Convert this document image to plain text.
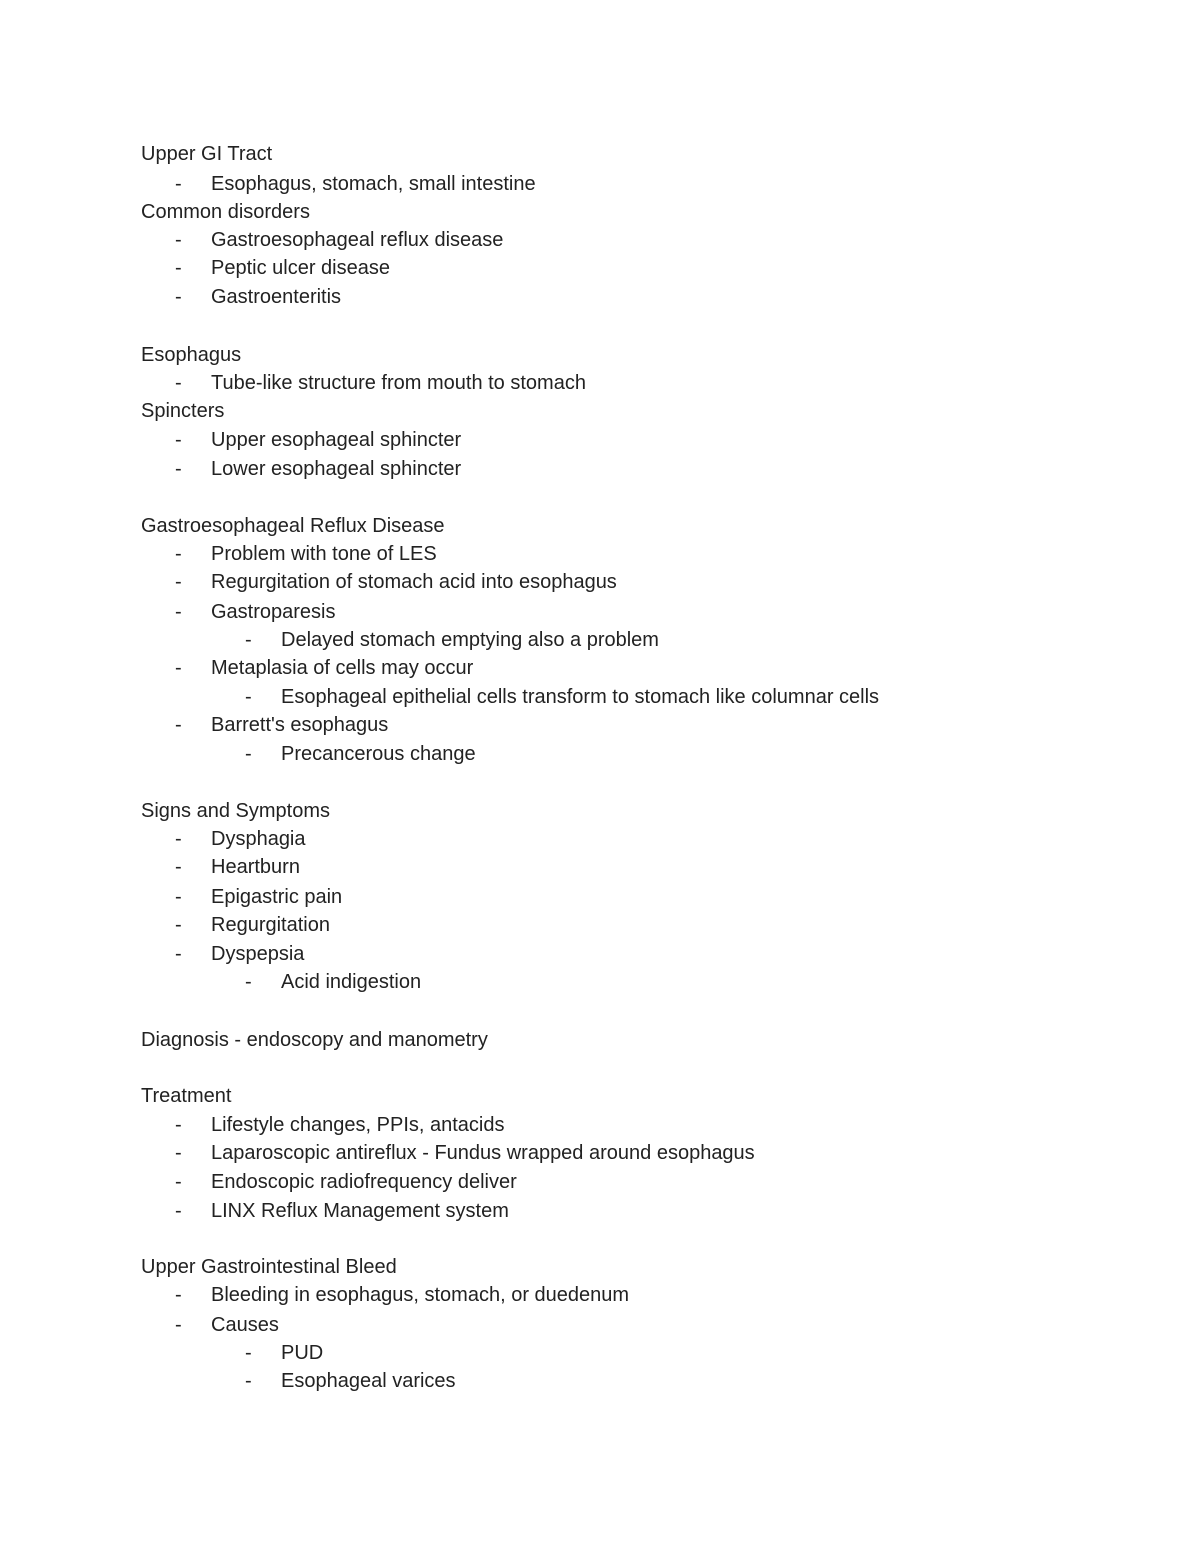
Upper GI Tract

- Esophagus, stomach, small intestine

Common disorders

- Gastroesophageal reflux disease

- Peptic ulcer disease

- Gastroenteritis

Esophagus

- Tube-like structure from mouth to stomach

Spincters

- Upper esophageal sphincter

- Lower esophageal sphincter

Gastroesophageal Reflux Disease

- Problem with tone of LES

- Regurgitation of stomach acid into esophagus

- Gastroparesis

- Delayed stomach emptying also a problem

- Metaplasia of cells may occur

- Esophageal epithelial cells transform to stomach like columnar cells

- Barrett's esophagus

- Precancerous change

Signs and Symptoms

- Dysphagia

- Heartburn

- Epigastric pain

- Regurgitation

- Dyspepsia

- Acid indigestion

Diagnosis - endoscopy and manometry

Treatment

- Lifestyle changes, PPIs, antacids

- Laparoscopic antireflux - Fundus wrapped around esophagus

- Endoscopic radiofrequency deliver

- LINX Reflux Management system

Upper Gastrointestinal Bleed

- Bleeding in esophagus, stomach, or duedenum

- Causes

- PUD

- Esophageal varices
